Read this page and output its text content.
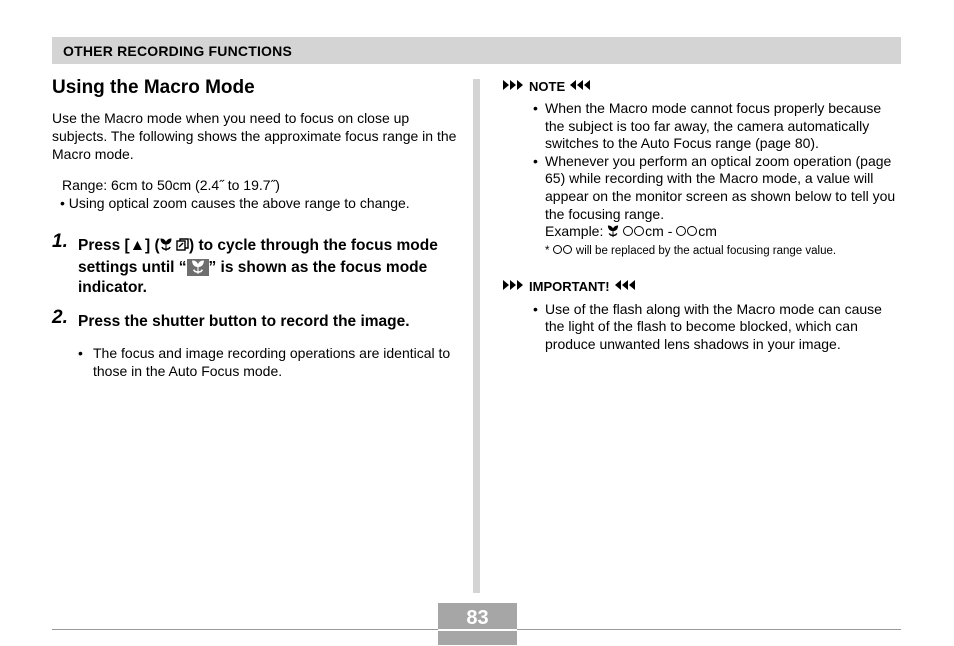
OTHER RECORDING FUNCTIONS
Using the Macro Mode

Use the Macro mode when you need to focus on close up subjects. The following shows the approximate focus range in the Macro mode.

Range: 6cm to 50cm (2.4˝ to 19.7˝)
• Using optical zoom causes the above range to change.
1. Press [▲] ( ) to cycle through the focus mode settings until “ ” is shown as the focus mode indicator.
2. Press the shutter button to record the image.
• The focus and image recording operations are identical to those in the Auto Focus mode.
NOTE
• When the Macro mode cannot focus properly because the subject is too far away, the camera automatically switches to the Auto Focus range (page 80).
• Whenever you perform an optical zoom operation (page 65) while recording with the Macro mode, a value will appear on the monitor screen as shown below to tell you the focusing range.
Example:	cm - cm
* will be replaced by the actual focusing range value.
IMPORTANT!
• Use of the flash along with the Macro mode can cause the light of the flash to become blocked, which can produce unwanted lens shadows in your image.
83
